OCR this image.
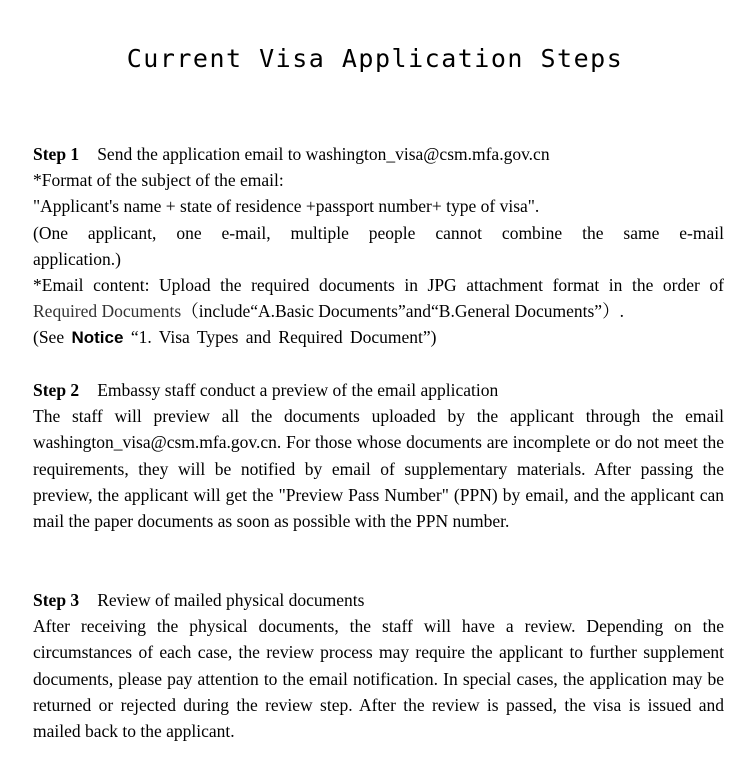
Current Visa Application Steps

Step 1 Send the application email to washington_visa@csm.mfa.gov.cn

*Format of the subject of the email:

"Applicant's name + state of residence +passport number+ type of visa".

(One applicant, one e-mail, multiple people cannot combine the same e-mail application.)

*Email content: Upload the required documents in JPG attachment format in the order of Required Documents（include“A.Basic Documents”and“B.General Documents”）.

(See Notice “1. Visa Types and Required Document”)

Step 2 Embassy staff conduct a preview of the email application

The staff will preview all the documents uploaded by the applicant through the email washington_visa@csm.mfa.gov.cn. For those whose documents are incomplete or do not meet the requirements, they will be notified by email of supplementary materials. After passing the preview, the applicant will get the "Preview Pass Number" (PPN) by email, and the applicant can mail the paper documents as soon as possible with the PPN number.

Step 3 Review of mailed physical documents

After receiving the physical documents, the staff will have a review. Depending on the circumstances of each case, the review process may require the applicant to further supplement documents, please pay attention to the email notification. In special cases, the application may be returned or rejected during the review step. After the review is passed, the visa is issued and mailed back to the applicant.
